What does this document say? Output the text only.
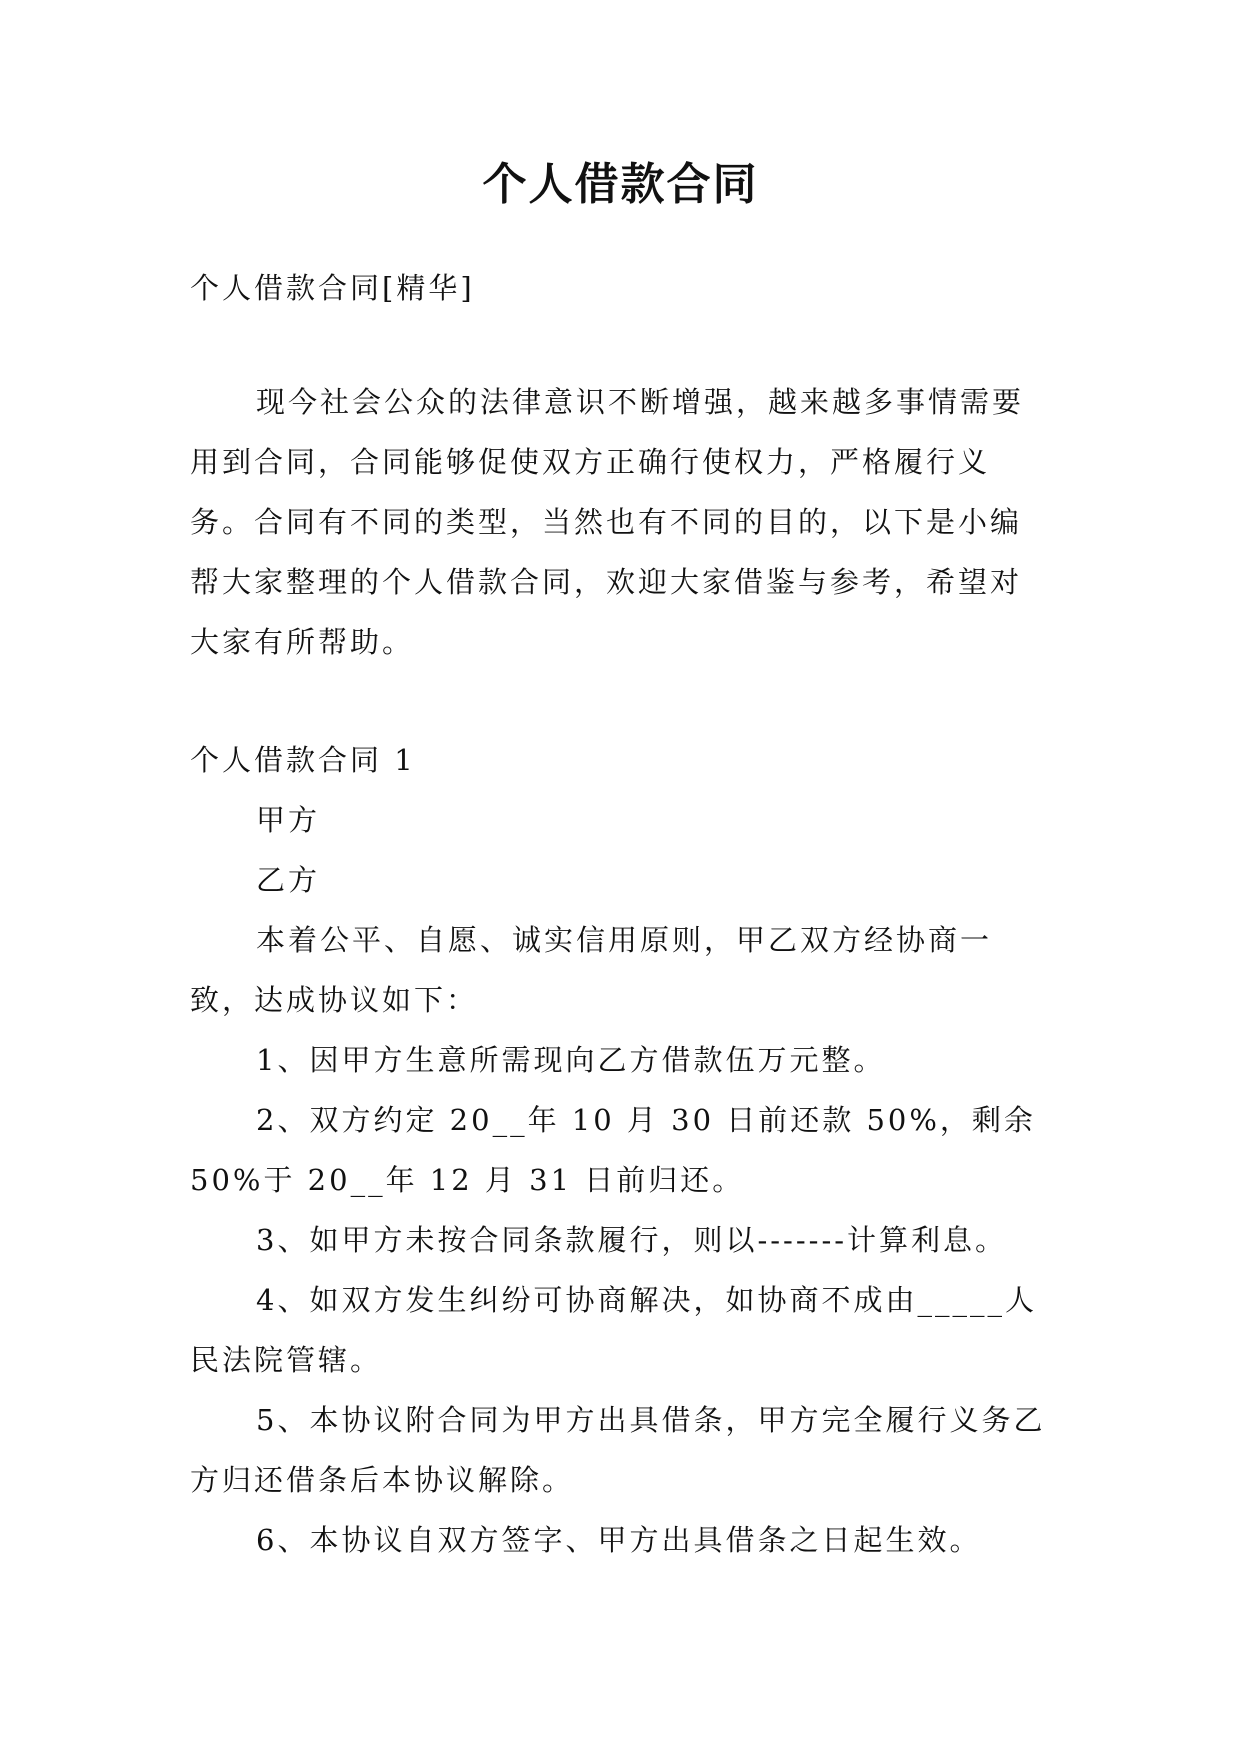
个人借款合同

个人借款合同[精华]

现今社会公众的法律意识不断增强，越来越多事情需要用到合同，合同能够促使双方正确行使权力，严格履行义务。合同有不同的类型，当然也有不同的目的，以下是小编帮大家整理的个人借款合同，欢迎大家借鉴与参考，希望对大家有所帮助。

个人借款合同 1

甲方

乙方

本着公平、自愿、诚实信用原则，甲乙双方经协商一致，达成协议如下：

1、因甲方生意所需现向乙方借款伍万元整。

2、双方约定 20__年 10 月 30 日前还款 50%，剩余 50%于 20__年 12 月 31 日前归还。

3、如甲方未按合同条款履行，则以-------计算利息。

4、如双方发生纠纷可协商解决，如协商不成由_____人民法院管辖。

5、本协议附合同为甲方出具借条，甲方完全履行义务乙方归还借条后本协议解除。

6、本协议自双方签字、甲方出具借条之日起生效。
